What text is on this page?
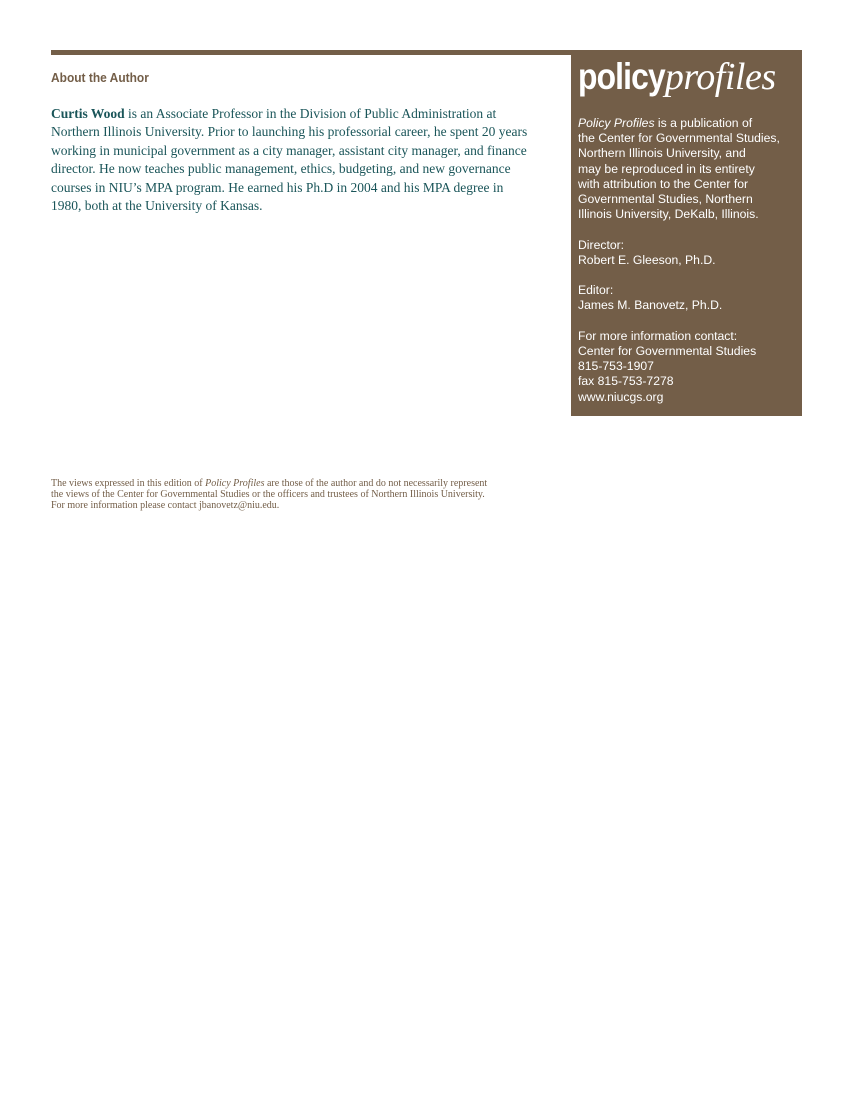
About the Author
Curtis Wood is an Associate Professor in the Division of Public Administration at
Northern Illinois University. Prior to launching his professorial career, he spent 20 years
working in municipal government as a city manager, assistant city manager, and finance
director. He now teaches public management, ethics, budgeting, and new governance
courses in NIU’s MPA program. He earned his Ph.D in 2004 and his MPA degree in
1980, both at the University of Kansas.
policyprofiles
Policy Profiles is a publication of
the Center for Governmental Studies,
Northern Illinois University, and
may be reproduced in its entirety
with attribution to the Center for
Governmental Studies, Northern
Illinois University, DeKalb, Illinois.
Director:
Robert E. Gleeson, Ph.D.
Editor:
James M. Banovetz, Ph.D.
For more information contact:
Center for Governmental Studies
815-753-1907
fax 815-753-7278
www.niucgs.org
The views expressed in this edition of Policy Profiles are those of the author and do not necessarily represent
the views of the Center for Governmental Studies or the officers and trustees of Northern Illinois University.
For more information please contact jbanovetz@niu.edu.
